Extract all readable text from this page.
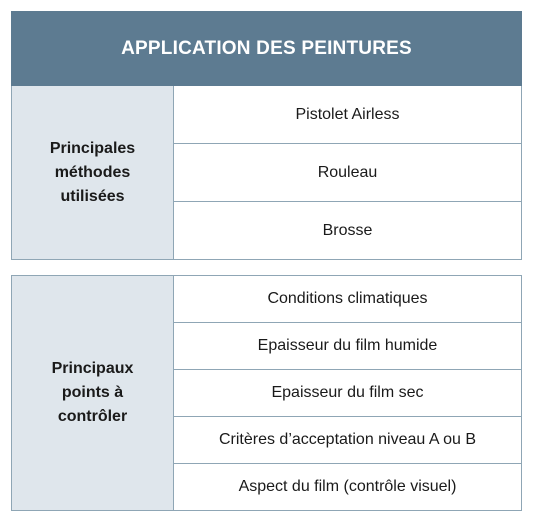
APPLICATION DES PEINTURES
Principales
méthodes
utilisées
Pistolet Airless
Rouleau
Brosse
Principaux
points à
contrôler
Conditions climatiques
Epaisseur du film humide
Epaisseur du film sec
Critères d’acceptation niveau A ou B
Aspect du film (contrôle visuel)
